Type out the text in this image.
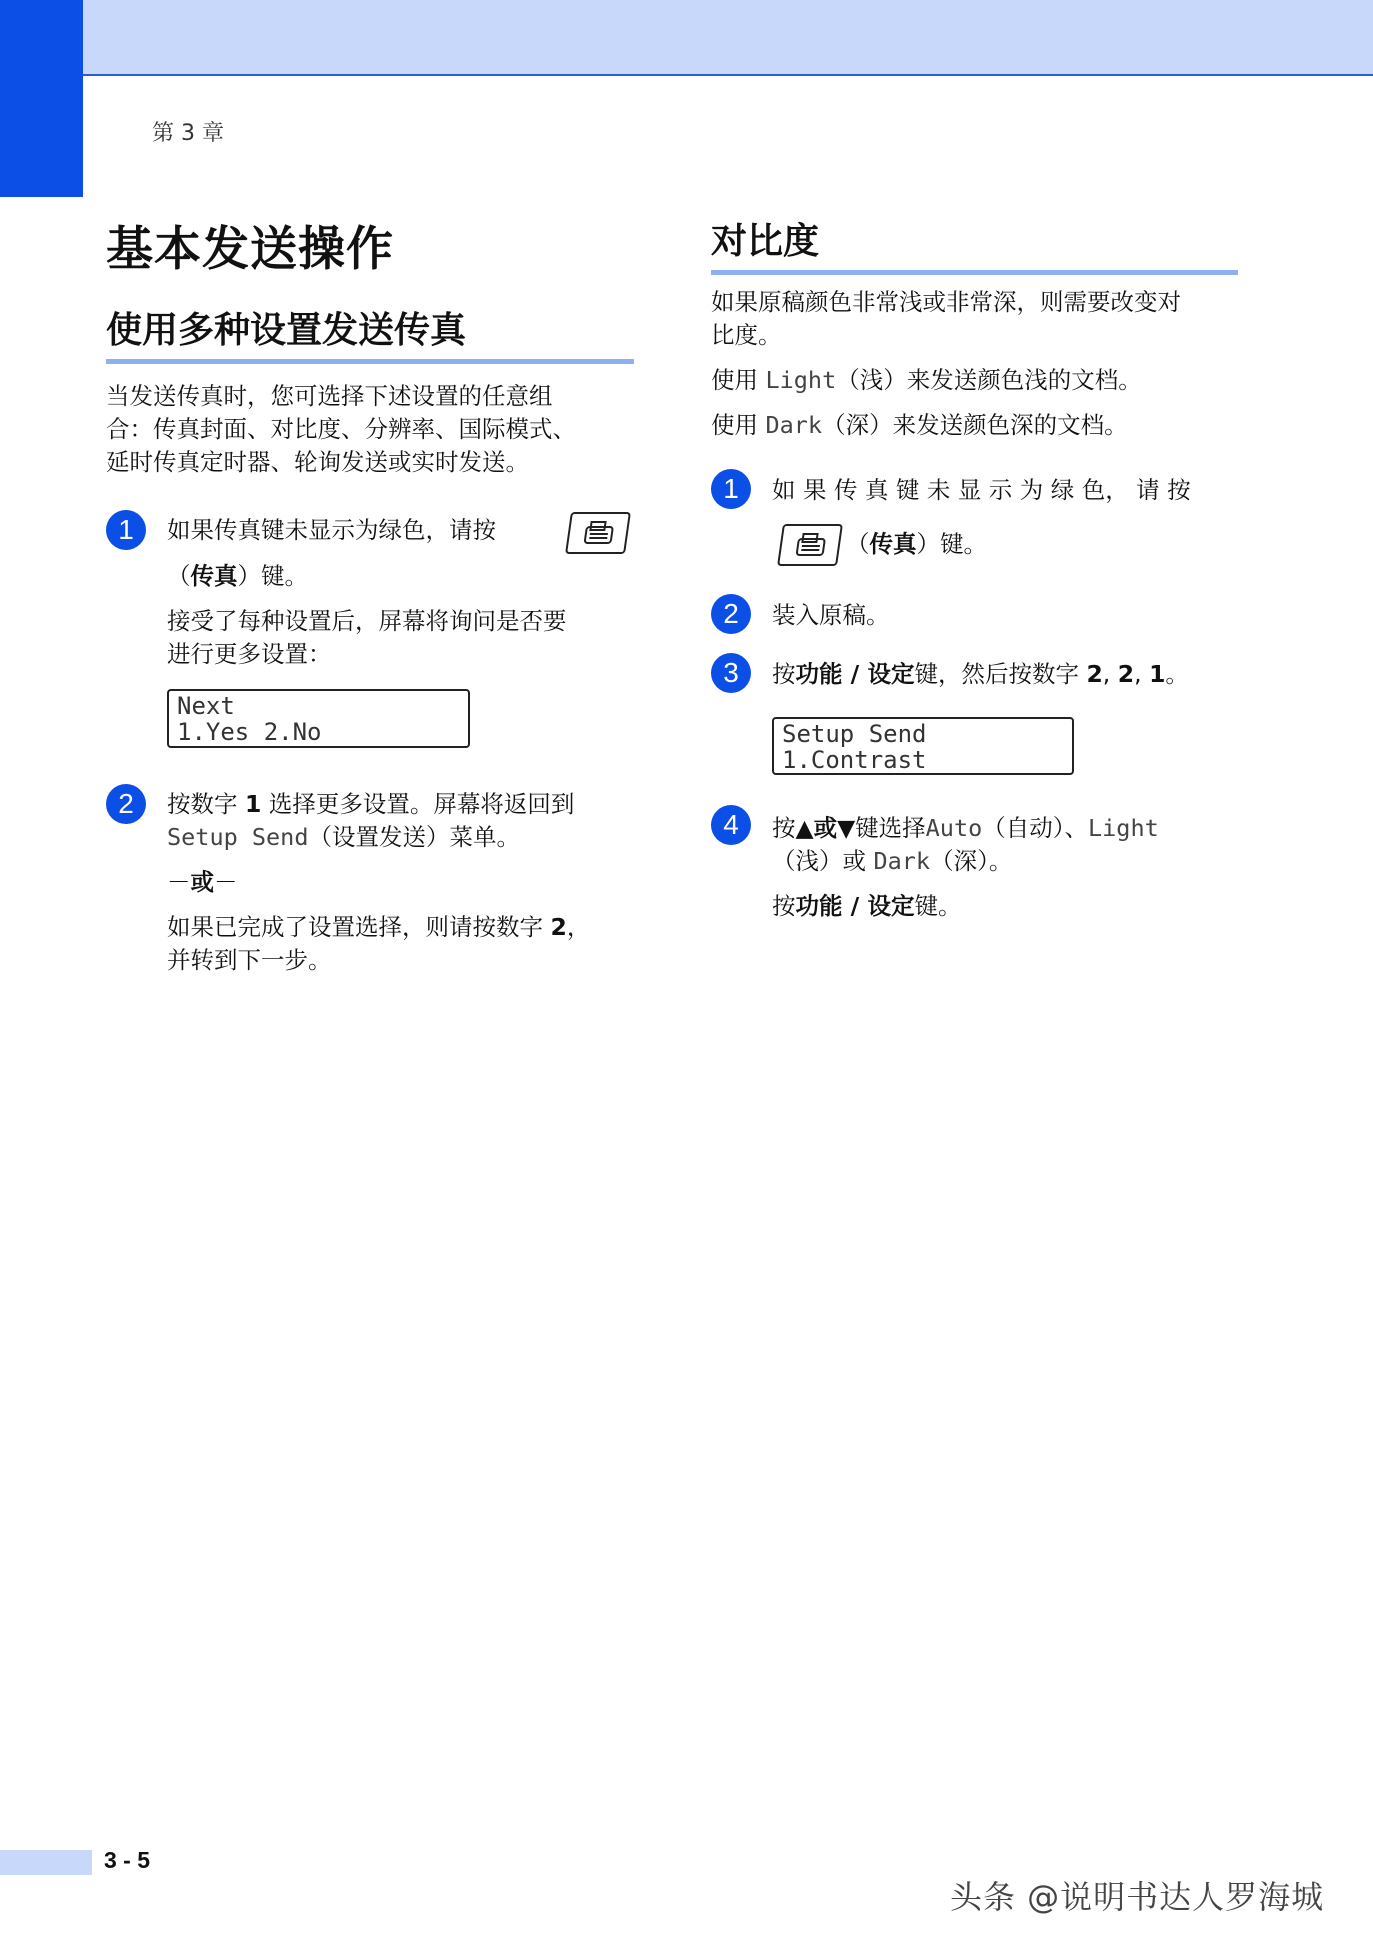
第 3 章
基本发送操作
使用多种设置发送传真
当发送传真时，您可选择下述设置的任意组
合：传真封面、对比度、分辨率、国际模式、
延时传真定时器、轮询发送或实时发送。
1	如果传真键未显示为绿色，请按
（传真）键。
接受了每种设置后，屏幕将询问是否要
进行更多设置：
Next
1.Yes 2.No
2	按数字 1 选择更多设置。屏幕将返回到
Setup Send（设置发送）菜单。
－或－
如果已完成了设置选择，则请按数字 2，
并转到下一步。
对比度
如果原稿颜色非常浅或非常深，则需要改变对
比度。
使用 Light（浅）来发送颜色浅的文档。
使用 Dark（深）来发送颜色深的文档。
1	如 果 传 真 键 未 显 示 为 绿 色， 请 按
（传真）键。
2	装入原稿。
3	按功能 / 设定键，然后按数字 2, 2, 1。
Setup Send
1.Contrast
4	按▲或▼键选择Auto（自动）、Light
（浅）或 Dark（深）。
按功能 / 设定键。
3 - 5
头条 @说明书达人罗海城
